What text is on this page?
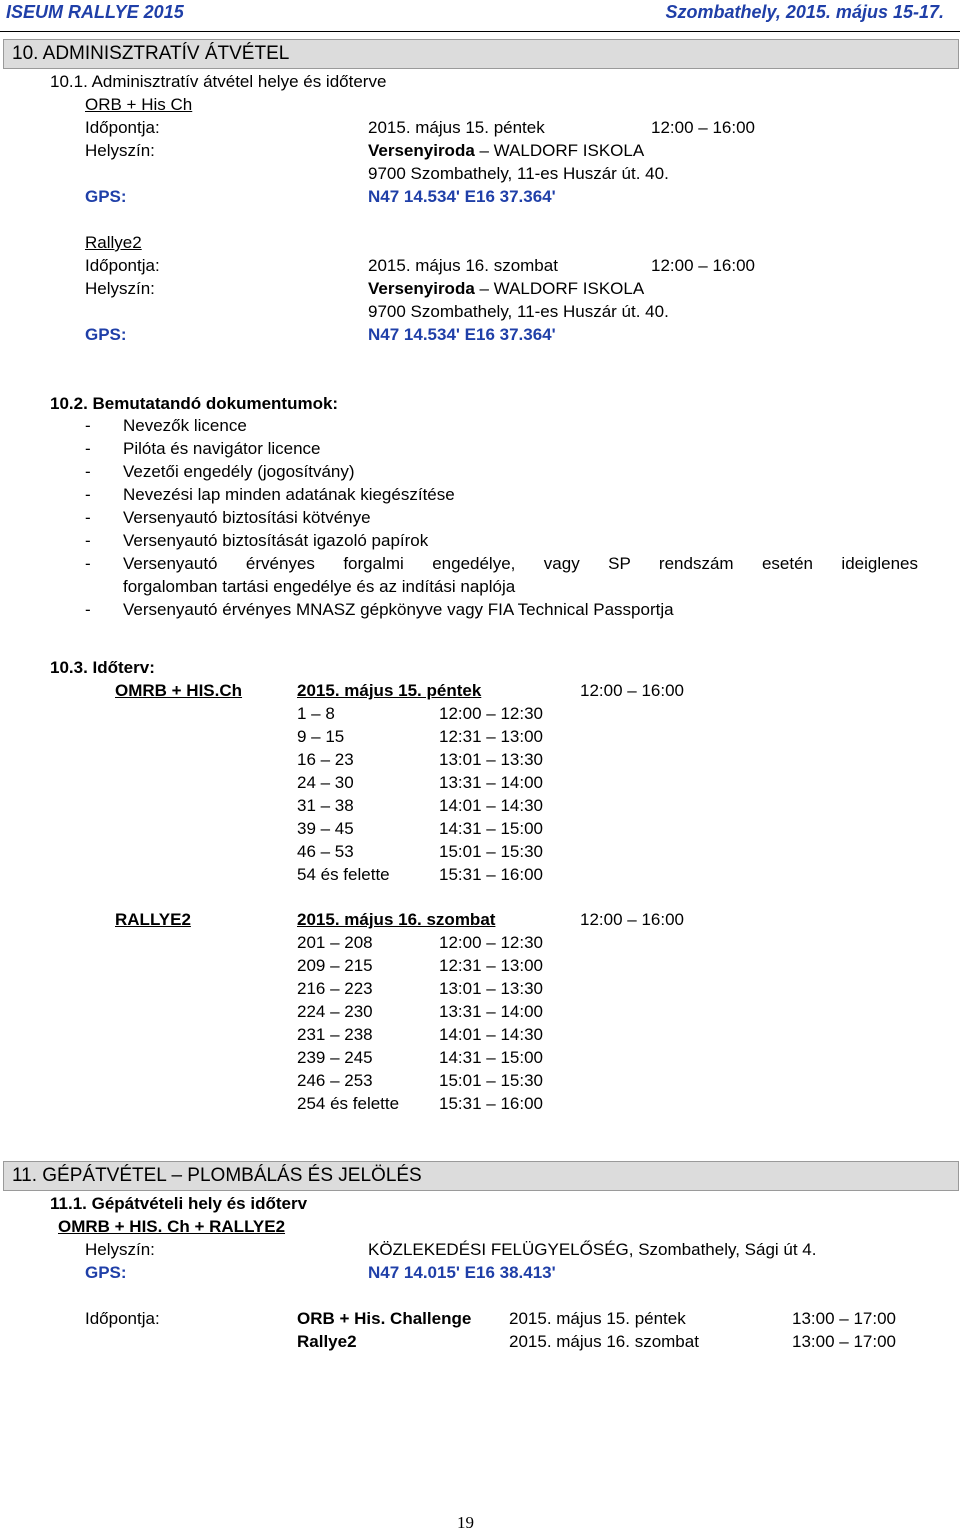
ISEUM RALLYE 2015	Szombathely, 2015. május 15-17.
10. ADMINISZTRATÍV ÁTVÉTEL
10.1. Adminisztratív átvétel helye és időterve
ORB + His Ch
Időpontja:	2015. május 15. péntek	12:00 – 16:00
Helyszín:	Versenyiroda – WALDORF ISKOLA
9700 Szombathely, 11-es Huszár út. 40.
GPS:	N47 14.534' E16 37.364'
Rallye2
Időpontja:	2015. május 16. szombat	12:00 – 16:00
Helyszín:	Versenyiroda – WALDORF ISKOLA
9700 Szombathely, 11-es Huszár út. 40.
GPS:	N47 14.534' E16 37.364'
10.2. Bemutatandó dokumentumok:
- Nevezők licence
- Pilóta és navigátor licence
- Vezetői engedély (jogosítvány)
- Nevezési lap minden adatának kiegészítése
- Versenyautó biztosítási kötvénye
- Versenyautó biztosítását igazoló papírok
- Versenyautó érvényes forgalmi engedélye, vagy SP rendszám esetén ideiglenes
forgalomban tartási engedélye és az indítási naplója
- Versenyautó érvényes MNASZ gépkönyve vagy FIA Technical Passportja
10.3. Időterv:
OMRB + HIS.Ch	2015. május 15. péntek	12:00 – 16:00
1 – 8	12:00 – 12:30
9 – 15	12:31 – 13:00
16 – 23	13:01 – 13:30
24 – 30	13:31 – 14:00
31 – 38	14:01 – 14:30
39 – 45	14:31 – 15:00
46 – 53	15:01 – 15:30
54 és felette	15:31 – 16:00
RALLYE2	2015. május 16. szombat	12:00 – 16:00
201 – 208	12:00 – 12:30
209 – 215	12:31 – 13:00
216 – 223	13:01 – 13:30
224 – 230	13:31 – 14:00
231 – 238	14:01 – 14:30
239 – 245	14:31 – 15:00
246 – 253	15:01 – 15:30
254 és felette 15:31 – 16:00
11. GÉPÁTVÉTEL – PLOMBÁLÁS ÉS JELÖLÉS
11.1. Gépátvételi hely és időterv
OMRB + HIS. Ch + RALLYE2
Helyszín:	KÖZLEKEDÉSI FELÜGYELŐSÉG, Szombathely, Sági út 4.
GPS:	N47 14.015' E16 38.413'
Időpontja:	ORB + His. Challenge 2015. május 15. péntek	13:00 – 17:00
Rallye2	2015. május 16. szombat	13:00 – 17:00
19
